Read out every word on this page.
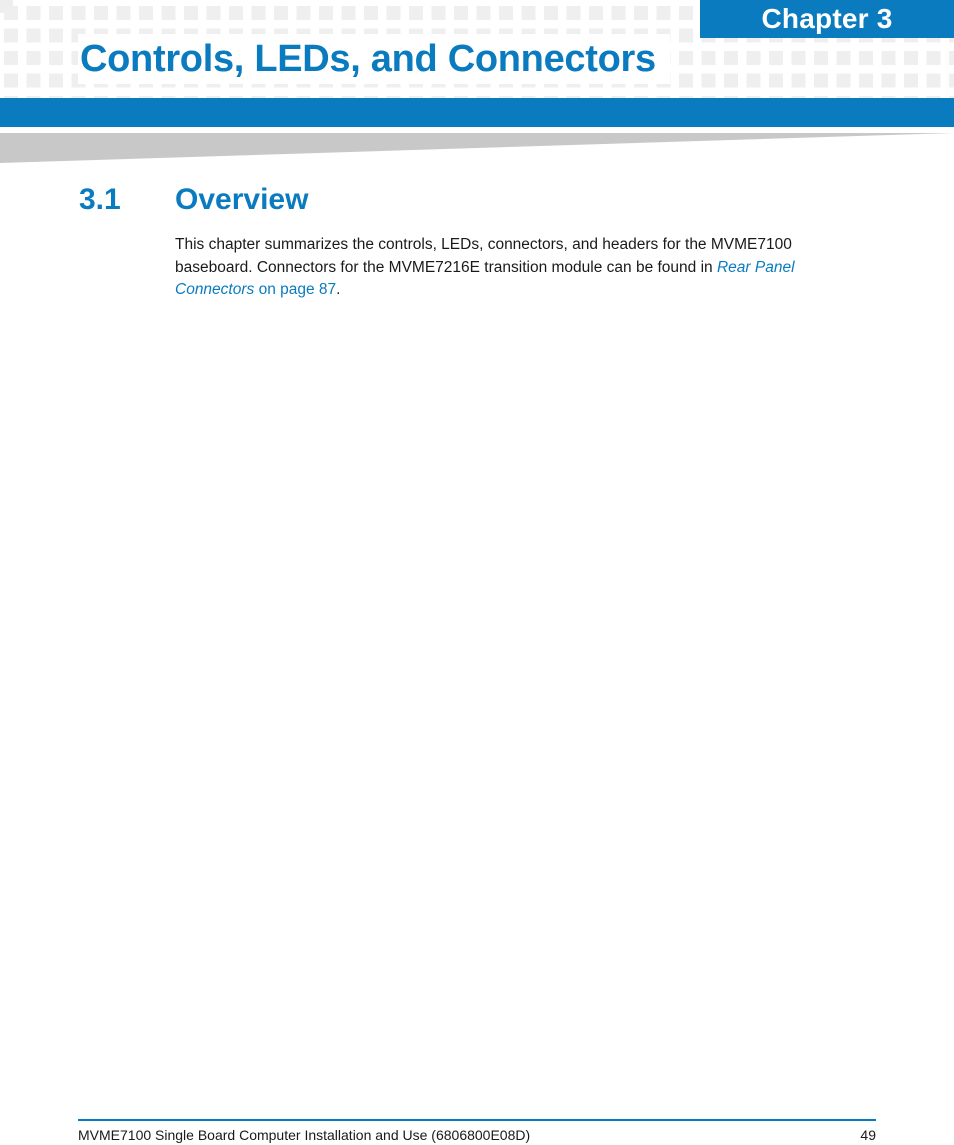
Chapter 3
Controls, LEDs, and Connectors
3.1 Overview

This chapter summarizes the controls, LEDs, connectors, and headers for the MVME7100 baseboard. Connectors for the MVME7216E transition module can be found in Rear Panel Connectors on page 87.

MVME7100 Single Board Computer Installation and Use (6806800E08D)	49
